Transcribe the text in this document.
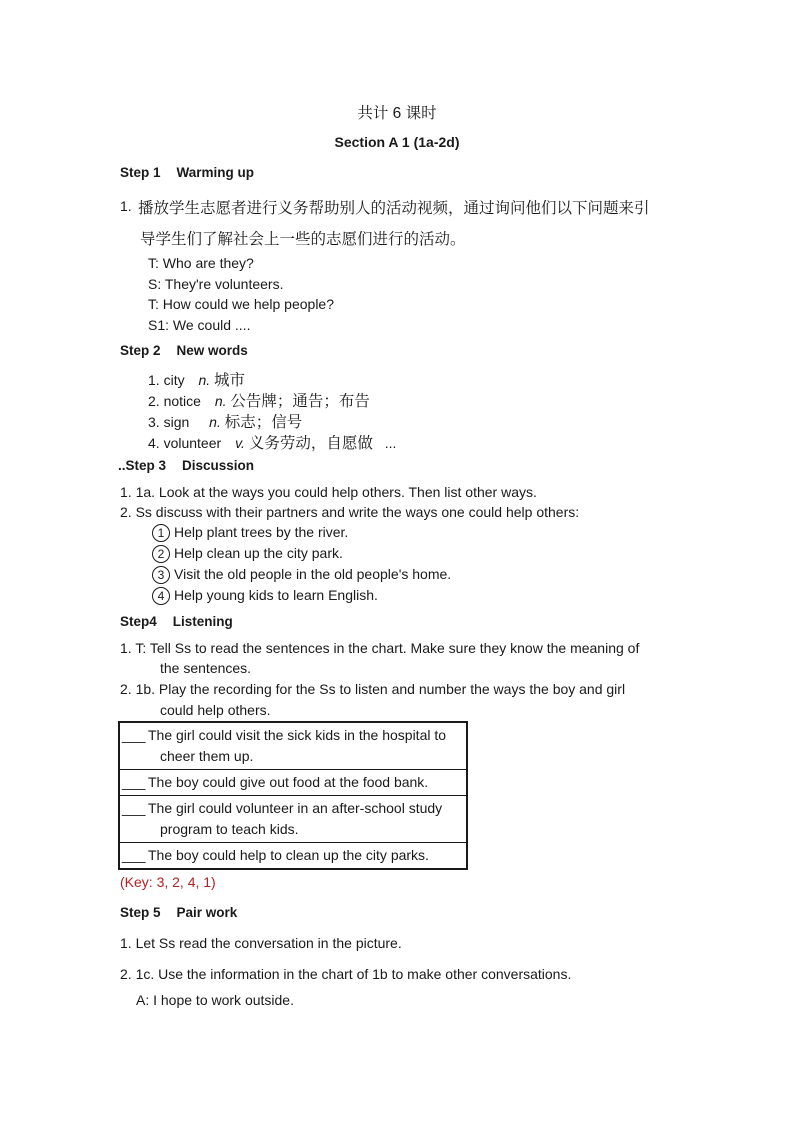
共计 6 课时
Section A 1 (1a-2d)
Step 1 Warming up
1. 播放学生志愿者进行义务帮助别人的活动视频，通过询问他们以下问题来引
导学生们了解社会上一些的志愿们进行的活动。
T: Who are they?
S: They're volunteers.
T: How could we help people?
S1: We could ....
Step 2 New words
1. city n. 城市
2. notice n. 公告牌；通告；布告
3. sign n. 标志；信号
4. volunteer v. 义务劳动，自愿做 ...
..Step 3 Discussion
1. 1a. Look at the ways you could help others. Then list other ways.
2. Ss discuss with their partners and write the ways one could help others:
1 Help plant trees by the river.
2 Help clean up the city park.
3 Visit the old people in the old people's home.
4 Help young kids to learn English.
Step4 Listening
1. T: Tell Ss to read the sentences in the chart. Make sure they know the meaning of
the sentences.
2. 1b. Play the recording for the Ss to listen and number the ways the boy and girl
could help others.
___ The girl could visit the sick kids in the hospital to
cheer them up.

___ The boy could give out food at the food bank.

___ The girl could volunteer in an after-school study
program to teach kids.

___ The boy could help to clean up the city parks.
(Key: 3, 2, 4, 1)
Step 5 Pair work
1. Let Ss read the conversation in the picture.
2. 1c. Use the information in the chart of 1b to make other conversations.
A: I hope to work outside.
